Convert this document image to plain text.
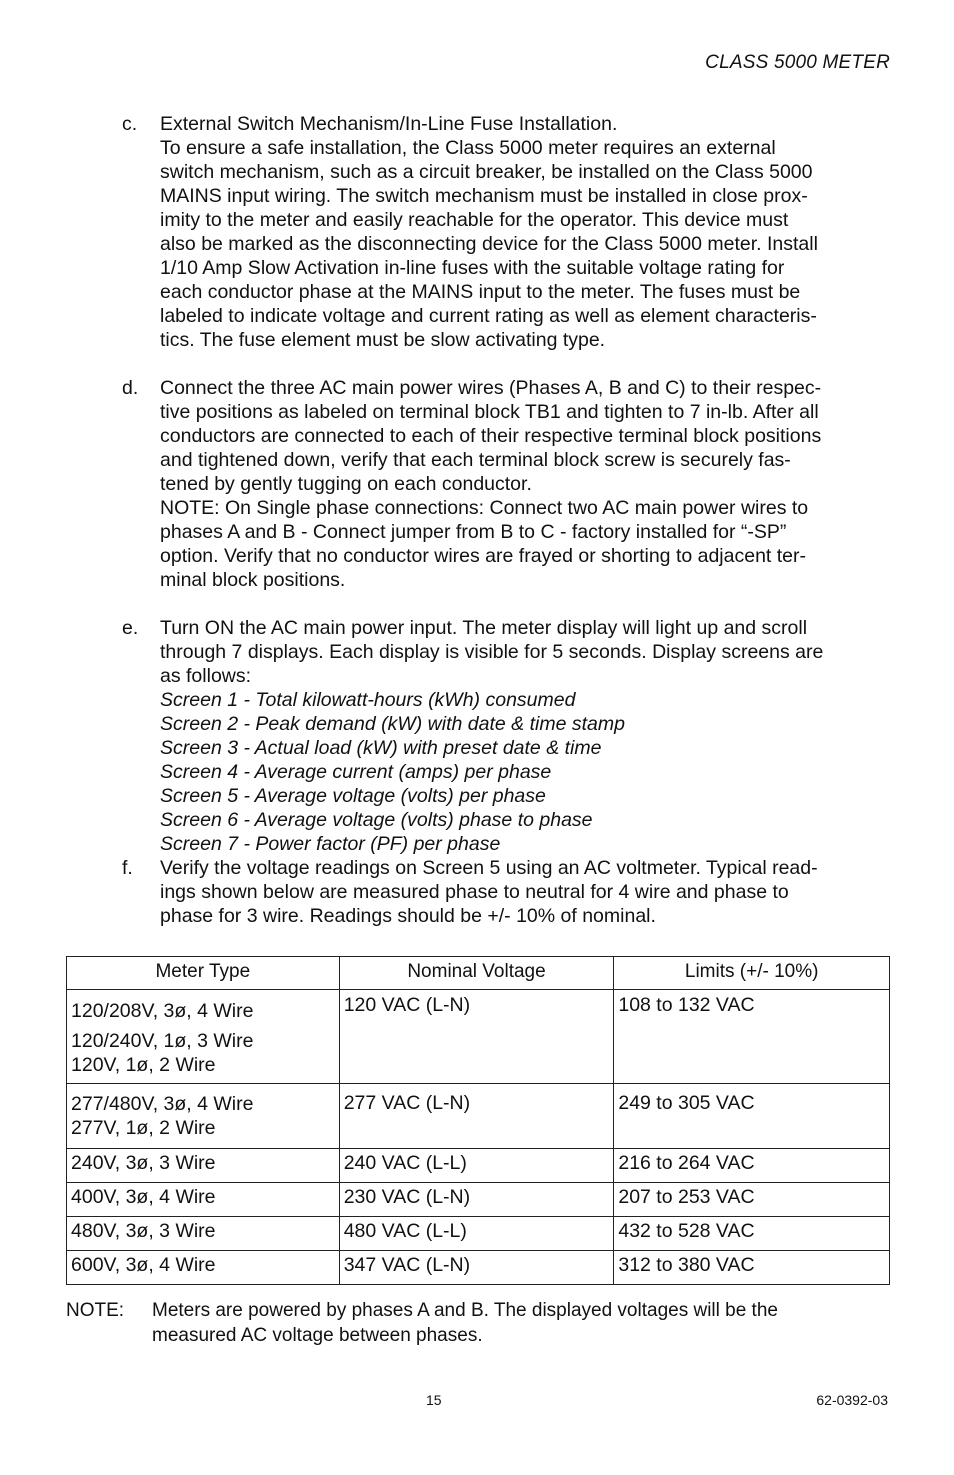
CLASS 5000 METER
c. External Switch Mechanism/In-Line Fuse Installation.
To ensure a safe installation, the Class 5000 meter requires an external
switch mechanism, such as a circuit breaker, be installed on the Class 5000
MAINS input wiring. The switch mechanism must be installed in close prox-
imity to the meter and easily reachable for the operator. This device must
also be marked as the disconnecting device for the Class 5000 meter. Install
1/10 Amp Slow Activation in-line fuses with the suitable voltage rating for
each conductor phase at the MAINS input to the meter. The fuses must be
labeled to indicate voltage and current rating as well as element characteris-
tics. The fuse element must be slow activating type.

d. Connect the three AC main power wires (Phases A, B and C) to their respec-
tive positions as labeled on terminal block TB1 and tighten to 7 in-lb. After all
conductors are connected to each of their respective terminal block positions
and tightened down, verify that each terminal block screw is securely fas-
tened by gently tugging on each conductor.
NOTE: On Single phase connections: Connect two AC main power wires to
phases A and B - Connect jumper from B to C - factory installed for “-SP”
option. Verify that no conductor wires are frayed or shorting to adjacent ter-
minal block positions.

e. Turn ON the AC main power input. The meter display will light up and scroll
through 7 displays. Each display is visible for 5 seconds. Display screens are
as follows:
Screen 1 - Total kilowatt-hours (kWh) consumed
Screen 2 - Peak demand (kW) with date & time stamp
Screen 3 - Actual load (kW) with preset date & time
Screen 4 - Average current (amps) per phase
Screen 5 - Average voltage (volts) per phase
Screen 6 - Average voltage (volts) phase to phase
Screen 7 - Power factor (PF) per phase

f. Verify the voltage readings on Screen 5 using an AC voltmeter. Typical read-
ings shown below are measured phase to neutral for 4 wire and phase to
phase for 3 wire. Readings should be +/- 10% of nominal.

Meter Type	Nominal Voltage	Limits (+/- 10%)

120/208V, 3ø, 4 Wire
120/240V, 1ø, 3 Wire
120V, 1ø, 2 Wire	120 VAC (L-N)	108 to 132 VAC

277/480V, 3ø, 4 Wire
277V, 1ø, 2 Wire	277 VAC (L-N)	249 to 305 VAC
240V, 3ø, 3 Wire	240 VAC (L-L)	216 to 264 VAC
400V, 3ø, 4 Wire	230 VAC (L-N)	207 to 253 VAC
480V, 3ø, 3 Wire	480 VAC (L-L)	432 to 528 VAC
600V, 3ø, 4 Wire	347 VAC (L-N)	312 to 380 VAC
NOTE: Meters are powered by phases A and B. The displayed voltages will be the
measured AC voltage between phases.
15	62-0392-03
